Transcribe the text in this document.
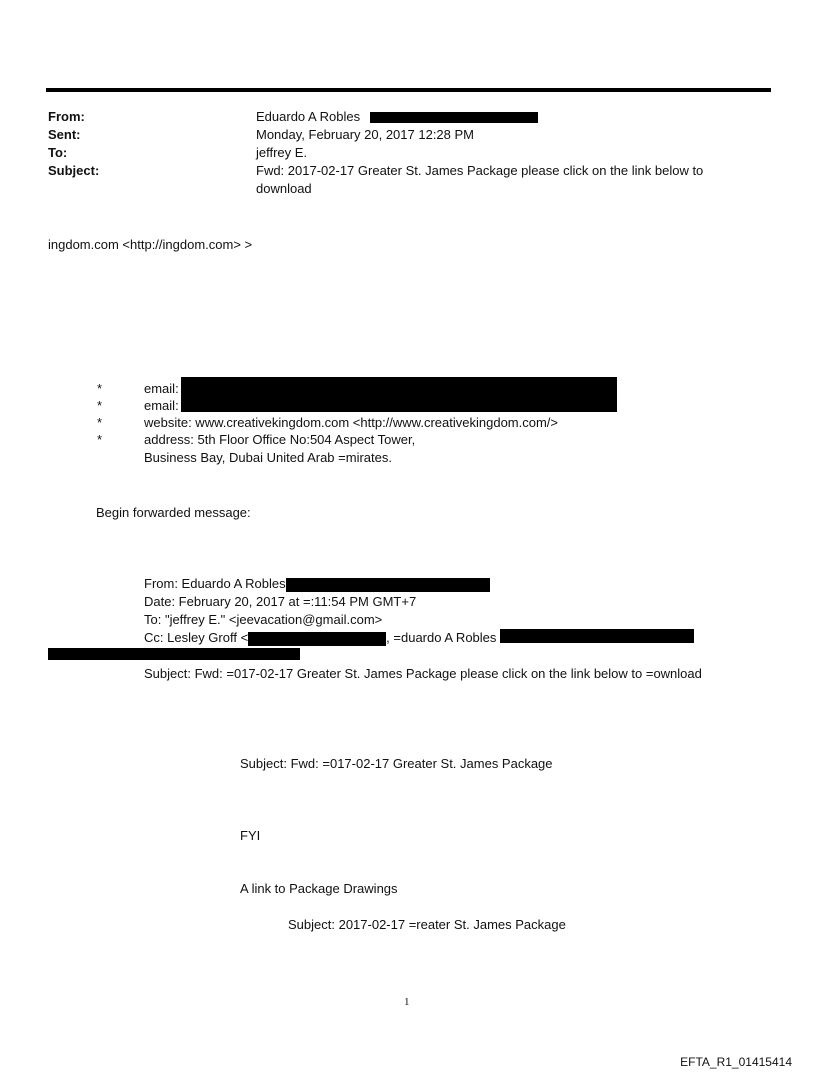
From:	Eduardo A Robles
Sent:	Monday, February 20, 2017 12:28 PM
To:	jeffrey E.
Subject:	Fwd: 2017-02-17 Greater St. James Package please click on the link below to
download
ingdom.com <http://ingdom.com> >
*	email:
*	email:
*	website: www.creativekingdom.com <http://www.creativekingdom.com/>
*	address: 5th Floor Office No:504 Aspect Tower,
Business Bay, Dubai United Arab =mirates.
Begin forwarded message:
From: Eduardo A Robles
Date: February 20, 2017 at =:11:54 PM GMT+7
To: "jeffrey E." <jeevacation@gmail.com>
Cc: Lesley Groff <	, =duardo A Robles
Subject: Fwd: =017-02-17 Greater St. James Package please click on the link below to =ownload
Subject: Fwd: =017-02-17 Greater St. James Package
FYI
A link to Package Drawings
Subject: 2017-02-17 =reater St. James Package
1
EFTA_R1_01415414
